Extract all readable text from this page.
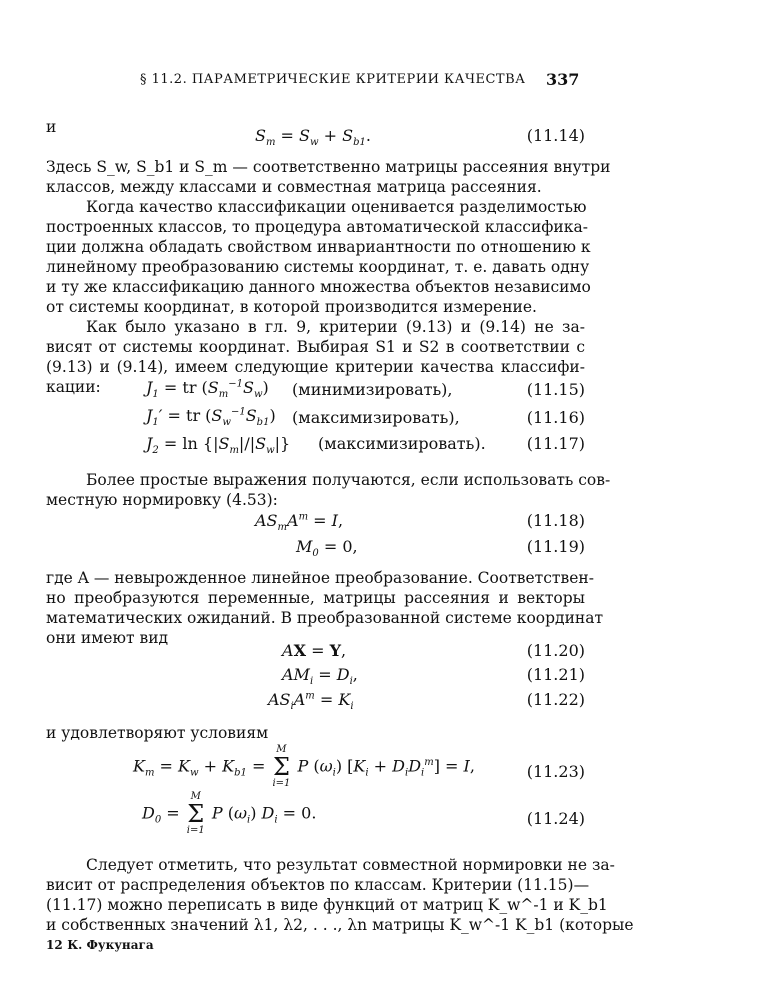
§ 11.2. ПАРАМЕТРИЧЕСКИЕ КРИТЕРИИ КАЧЕСТВА 337
и	$S_m = S_w + S_{b1}$.	(11.14)
Здесь S_w, S_b1 и S_m — соответственно матрицы рассеяния внутри
классов, между классами и совместная матрица рассеяния.
Когда качество классификации оценивается разделимостью
построенных классов, то процедура автоматической классифика-
ции должна обладать свойством инвариантности по отношению к
линейному преобразованию системы координат, т. е. давать одну
и ту же классификацию данного множества объектов независимо
от системы координат, в которой производится измерение.
Как было указано в гл. 9, критерии (9.13) и (9.14) не за-
висят от системы координат. Выбирая S1 и S2 в соответствии с
(9.13) и (9.14), имеем следующие критерии качества классифи-
кации:	$J_1$ = tr $(S_m^{-1}S_w)$ (минимизировать),	(11.15)
$J_1'$ = tr $(S_w^{-1}S_{b1})$ (максимизировать),	(11.16)
$J_2 = \ln \{|S_m|/|S_w|\}$ (максимизировать).	(11.17)
Более простые выражения получаются, если использовать сов-
местную нормировку (4.53):
$AS_mA^т = I$,	(11.18)
$M_0 = 0$,	(11.19)
где A — невырожденное линейное преобразование. Соответствен-
но преобразуются переменные, матрицы рассеяния и векторы
математических ожиданий. В преобразованной системе координат
они имеют вид
AX = Y,	(11.20)
$AM_i = D_i$,	(11.21)
$AS_iA^т = K_i$	(11.22)
и удовлетворяют условиям
$K_m = K_w + K_{b1}$ =
M
Σ
i=1
P $(\omega_i) [K_i + D_iD_i^т] = I$,	(11.23)
$D_0$ =
M
Σ
i=1
P $(\omega_i) D_i = 0$.	(11.24)
Следует отметить, что результат совместной нормировки не за-
висит от распределения объектов по классам. Критерии (11.15)—
(11.17) можно переписать в виде функций от матриц K_w^-1 и K_b1
и собственных значений λ1, λ2, . . ., λn матрицы K_w^-1 K_b1 (которые
12 К. Фукунага
